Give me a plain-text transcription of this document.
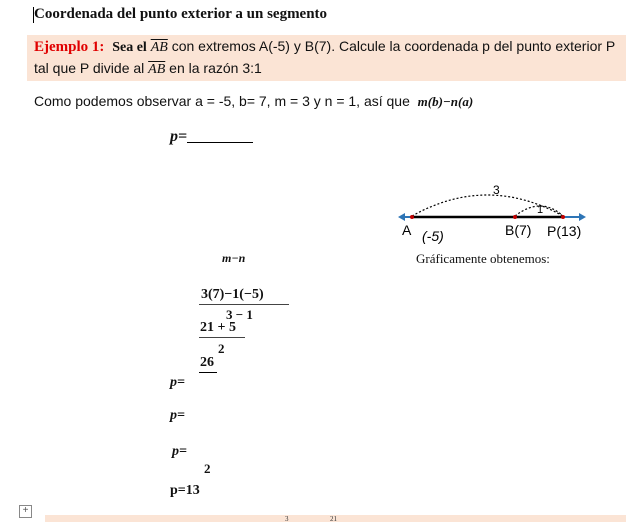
Coordenada del punto exterior a un segmento
Ejemplo 1: Sea el $\overline{AB}$ con extremos A(-5) y B(7). Calcule la coordenada p del punto exterior P
tal que P divide al $\overline{AB}$ en la razón 3:1
Como podemos observar a = -5, b= 7, m = 3 y n = 1, así que m(b)−n(a)
p=
3
1
A (-5)	B(7) P(13)
m−n	Gráficamente obtenemos:
3(7)−1(−5)
3 − 1
21 + 5
2
26
2
p=
p=
p=
p=13
+
3	21
